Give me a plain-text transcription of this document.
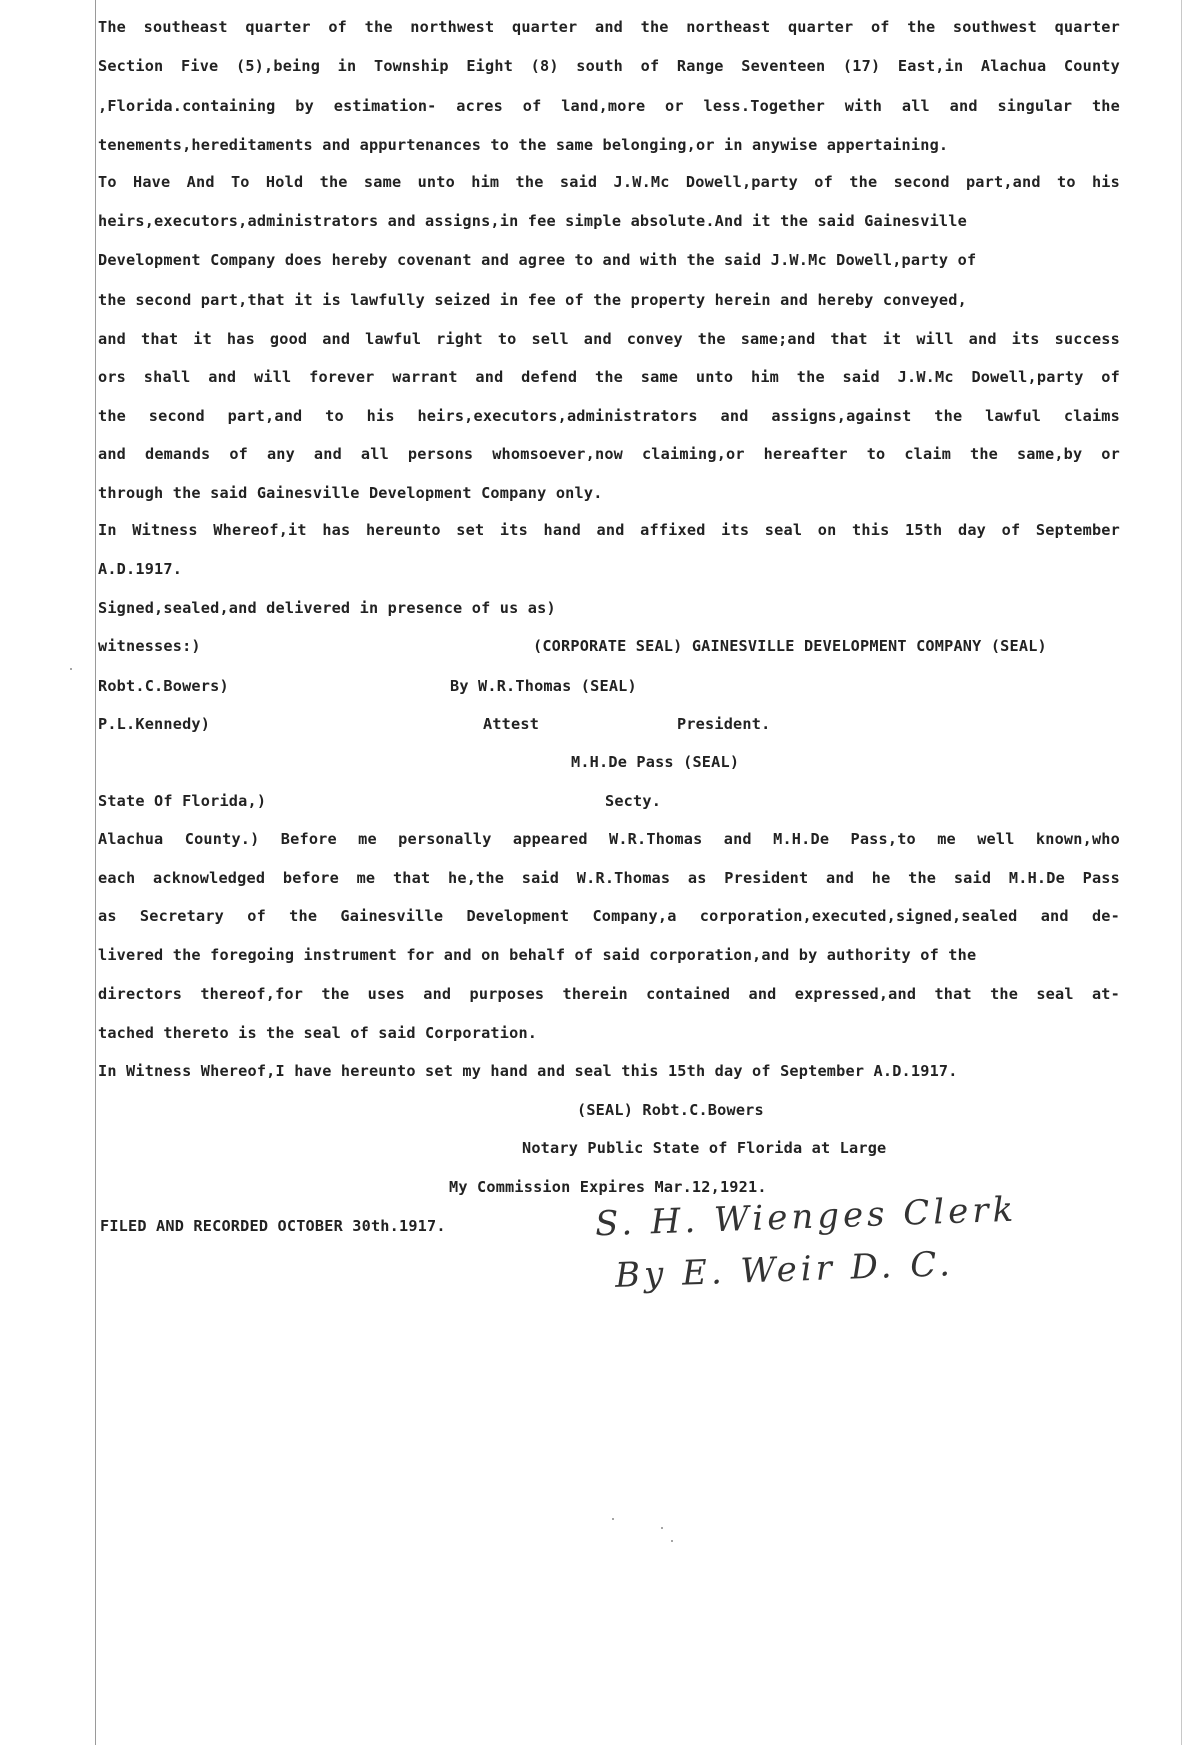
The southeast quarter of the northwest quarter and the northeast quarter of the southwest quarter
Section Five (5),being in Township Eight (8) south of Range Seventeen (17) East,in Alachua County
,Florida.containing by estimation- acres of land,more or less.Together with all and singular the
tenements,hereditaments and appurtenances to the same belonging,or in anywise appertaining.
To Have And To Hold the same unto him the said J.W.Mc Dowell,party of the second part,and to his
heirs,executors,administrators and assigns,in fee simple absolute.And it the said Gainesville
Development Company does hereby covenant and agree to and with the said J.W.Mc Dowell,party of
the second part,that it is lawfully seized in fee of the property herein and hereby conveyed,
and that it has good and lawful right to sell and convey the same;and that it will and its success
ors shall and will forever warrant and defend the same unto him the said J.W.Mc Dowell,party of
the second part,and to his heirs,executors,administrators and assigns,against the lawful claims
and demands of any and all persons whomsoever,now claiming,or hereafter to claim the same,by or
through the said Gainesville Development Company only.
In Witness Whereof,it has hereunto set its hand and affixed its seal on this 15th day of September
A.D.1917.
Signed,sealed,and delivered in presence of us as)
witnesses:)	(CORPORATE SEAL) GAINESVILLE DEVELOPMENT COMPANY (SEAL)
Robt.C.Bowers)	By W.R.Thomas (SEAL)
P.L.Kennedy)	Attest	President.
M.H.De Pass (SEAL)
State Of Florida,)	Secty.
Alachua County.) Before me personally appeared W.R.Thomas and M.H.De Pass,to me well known,who
each acknowledged before me that he,the said W.R.Thomas as President and he the said M.H.De Pass
as Secretary of the Gainesville Development Company,a corporation,executed,signed,sealed and de-
livered the foregoing instrument for and on behalf of said corporation,and by authority of the
directors thereof,for the uses and purposes therein contained and expressed,and that the seal at-
tached thereto is the seal of said Corporation.
In Witness Whereof,I have hereunto set my hand and seal this 15th day of September A.D.1917.
(SEAL) Robt.C.Bowers
Notary Public State of Florida at Large
My Commission Expires Mar.12,1921.
FILED AND RECORDED OCTOBER 30th.1917.	S. H. Wienges Clerk
By E. Weir D. C.
